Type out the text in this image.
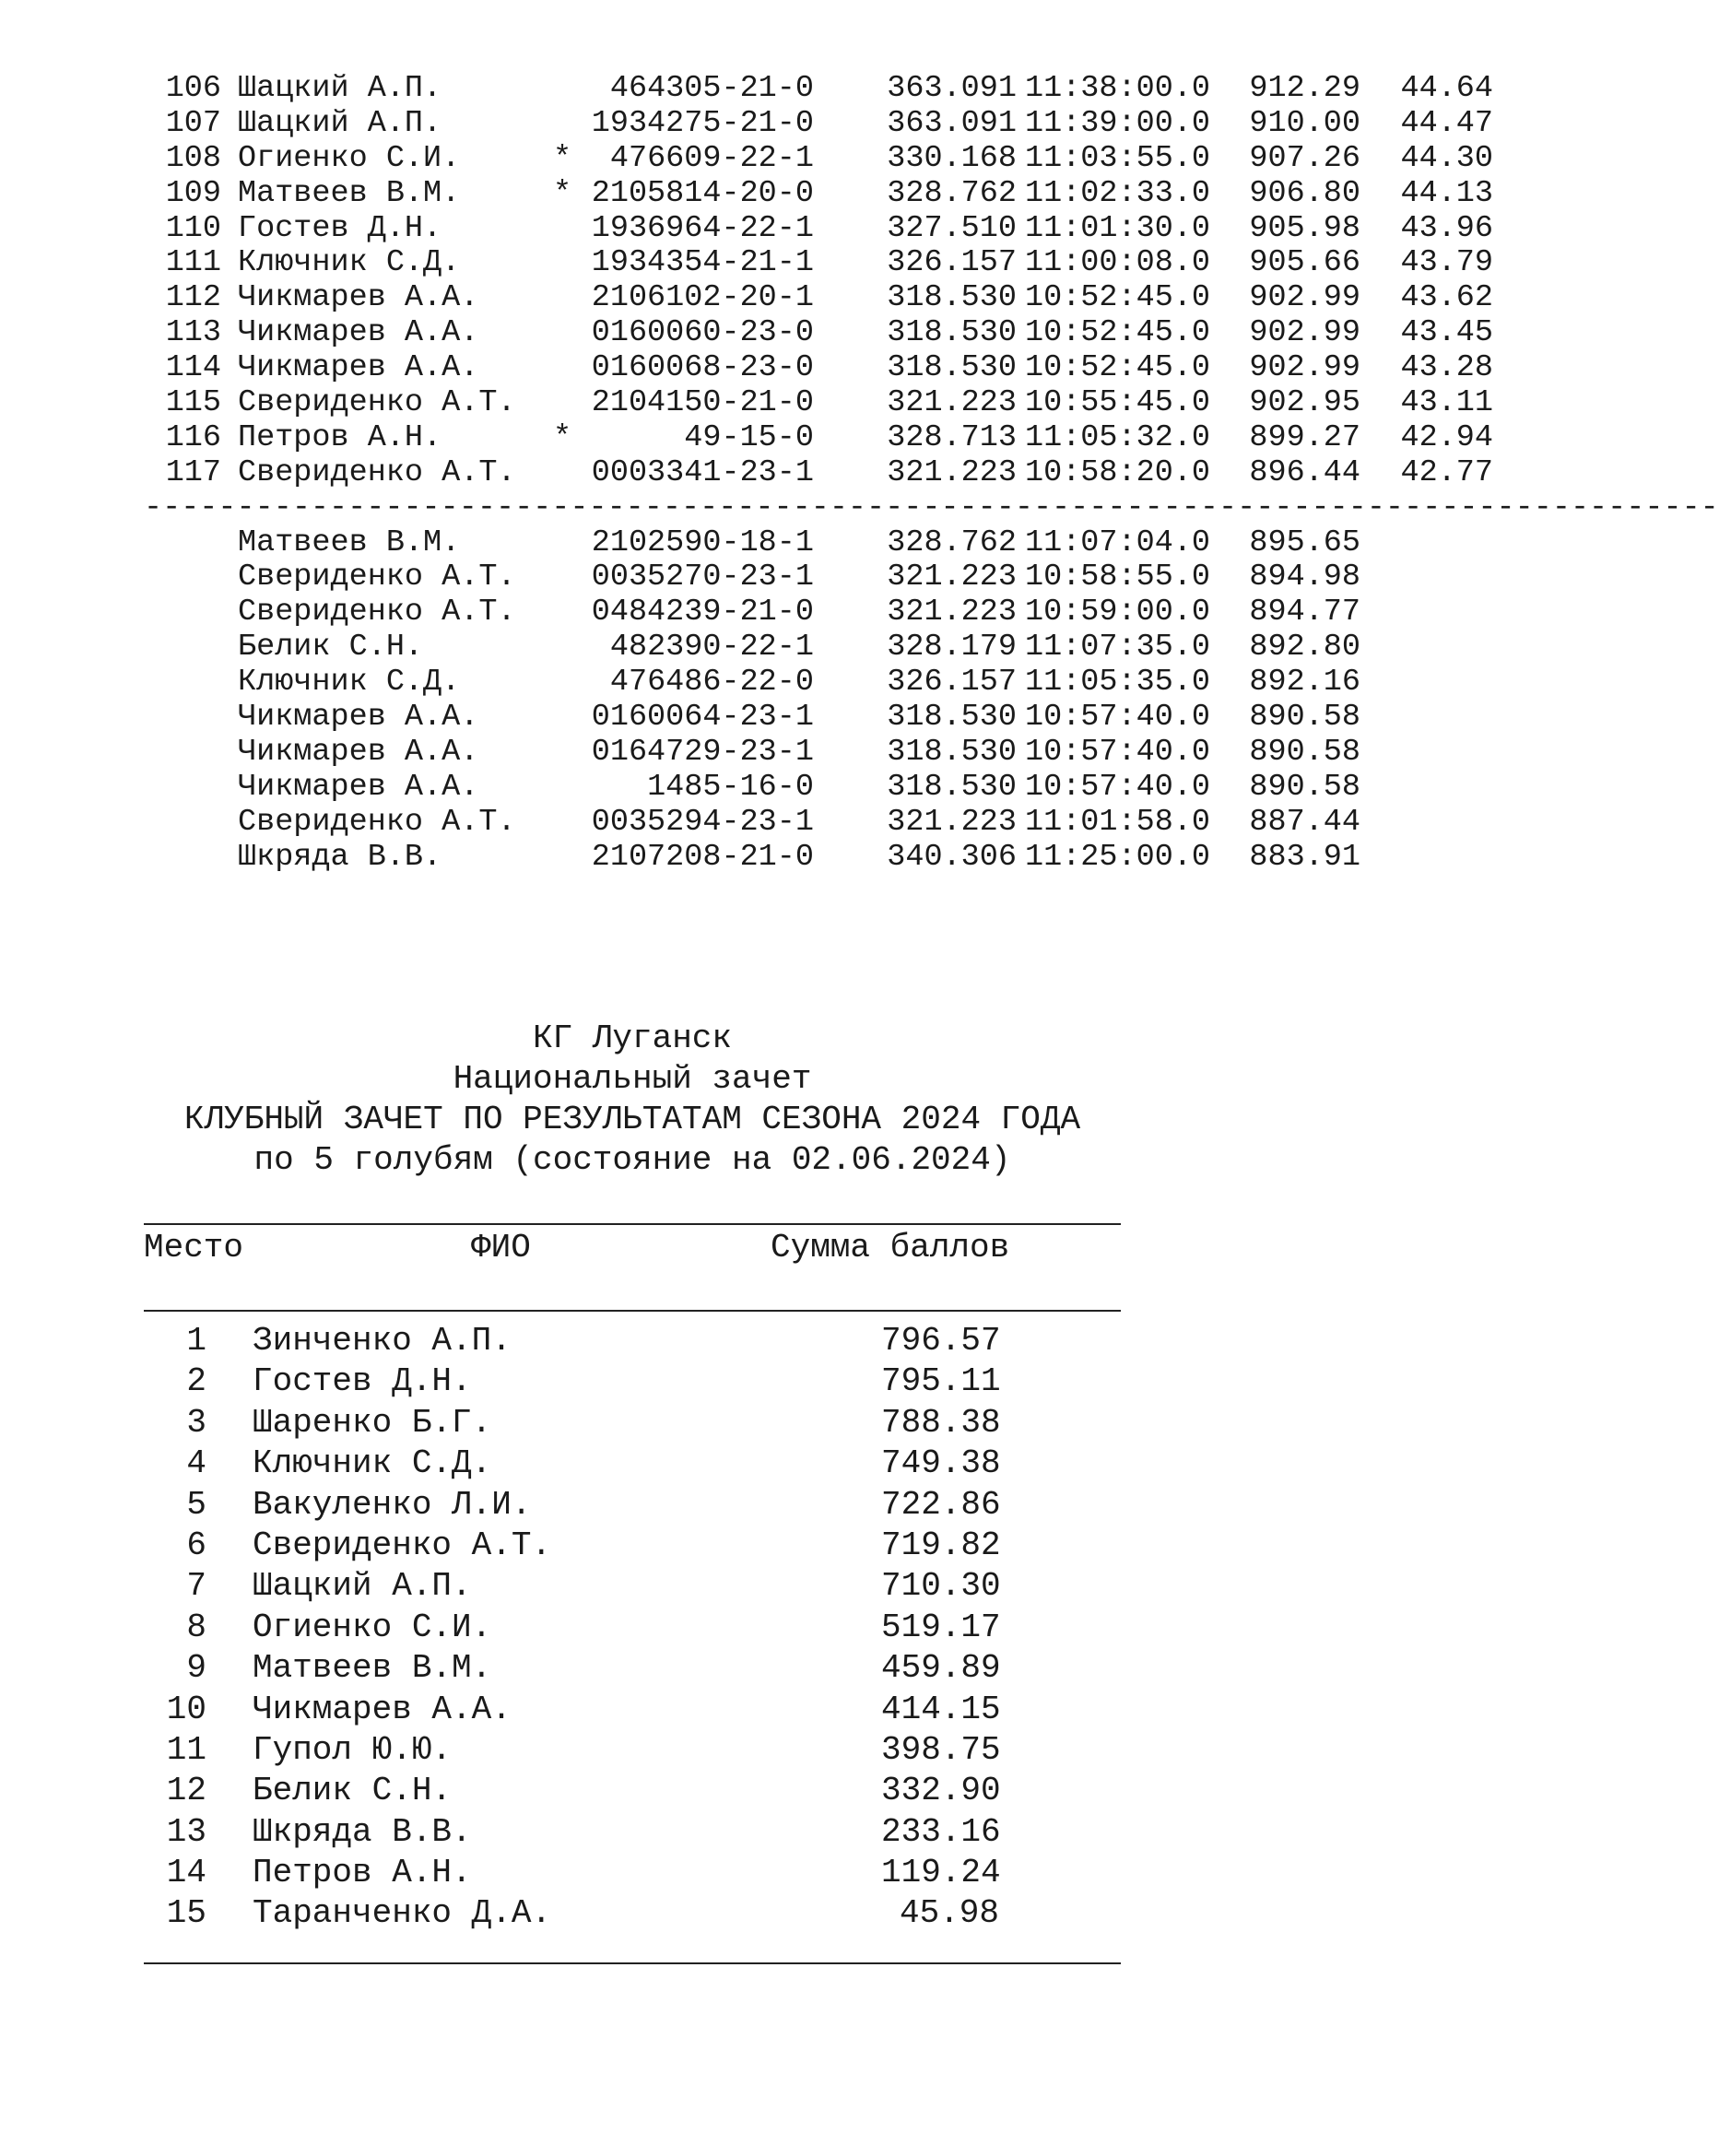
106 Шацкий А.П.	464305-21-0 363.091 11:38:00.0 912.29 44.64
107 Шацкий А.П.	1934275-21-0 363.091 11:39:00.0 910.00 44.47
108 Огиенко С.И.	* 476609-22-1 330.168 11:03:55.0 907.26 44.30
109 Матвеев В.М.	* 2105814-20-0 328.762 11:02:33.0 906.80 44.13
110 Гостев Д.Н.	1936964-22-1 327.510 11:01:30.0 905.98 43.96
111 Ключник С.Д.	1934354-21-1 326.157 11:00:08.0 905.66 43.79
112 Чикмарев А.А.	2106102-20-1 318.530 10:52:45.0 902.99 43.62
113 Чикмарев А.А.	0160060-23-0 318.530 10:52:45.0 902.99 43.45
114 Чикмарев А.А.	0160068-23-0 318.530 10:52:45.0 902.99 43.28
115 Свериденко А.Т. 2104150-21-0 321.223 10:55:45.0 902.95 43.11
116 Петров А.Н.	*	49-15-0 328.713 11:05:32.0 899.27 42.94
117 Свериденко А.Т. 0003341-23-1 321.223 10:58:20.0 896.44 42.77
-------------------------------------------------------------------------------------
Матвеев В.М.	2102590-18-1 328.762 11:07:04.0 895.65
Свериденко А.Т. 0035270-23-1 321.223 10:58:55.0 894.98
Свериденко А.Т. 0484239-21-0 321.223 10:59:00.0 894.77
Белик С.Н.	482390-22-1 328.179 11:07:35.0 892.80
Ключник С.Д.	476486-22-0 326.157 11:05:35.0 892.16
Чикмарев А.А.	0160064-23-1 318.530 10:57:40.0 890.58
Чикмарев А.А.	0164729-23-1 318.530 10:57:40.0 890.58
Чикмарев А.А.	1485-16-0 318.530 10:57:40.0 890.58
Свериденко А.Т. 0035294-23-1 321.223 11:01:58.0 887.44
Шкряда В.В.	2107208-21-0 340.306 11:25:00.0 883.91
КГ Луганск
Национальный зачет
КЛУБНЫЙ ЗАЧЕТ ПО РЕЗУЛЬТАТАМ СЕЗОНА 2024 ГОДА
по 5 голубям (состояние на 02.06.2024)
Место	ФИО	Сумма баллов
1 Зинченко А.П.	796.57
2 Гостев Д.Н.	795.11
3 Шаренко Б.Г.	788.38
4 Ключник С.Д.	749.38
5 Вакуленко Л.И.	722.86
6 Свериденко А.Т.	719.82
7 Шацкий А.П.	710.30
8 Огиенко С.И.	519.17
9 Матвеев В.М.	459.89
10 Чикмарев А.А.	414.15
11 Гупол Ю.Ю.	398.75
12 Белик С.Н.	332.90
13 Шкряда В.В.	233.16
14 Петров А.Н.	119.24
15 Таранченко Д.А.	45.98
